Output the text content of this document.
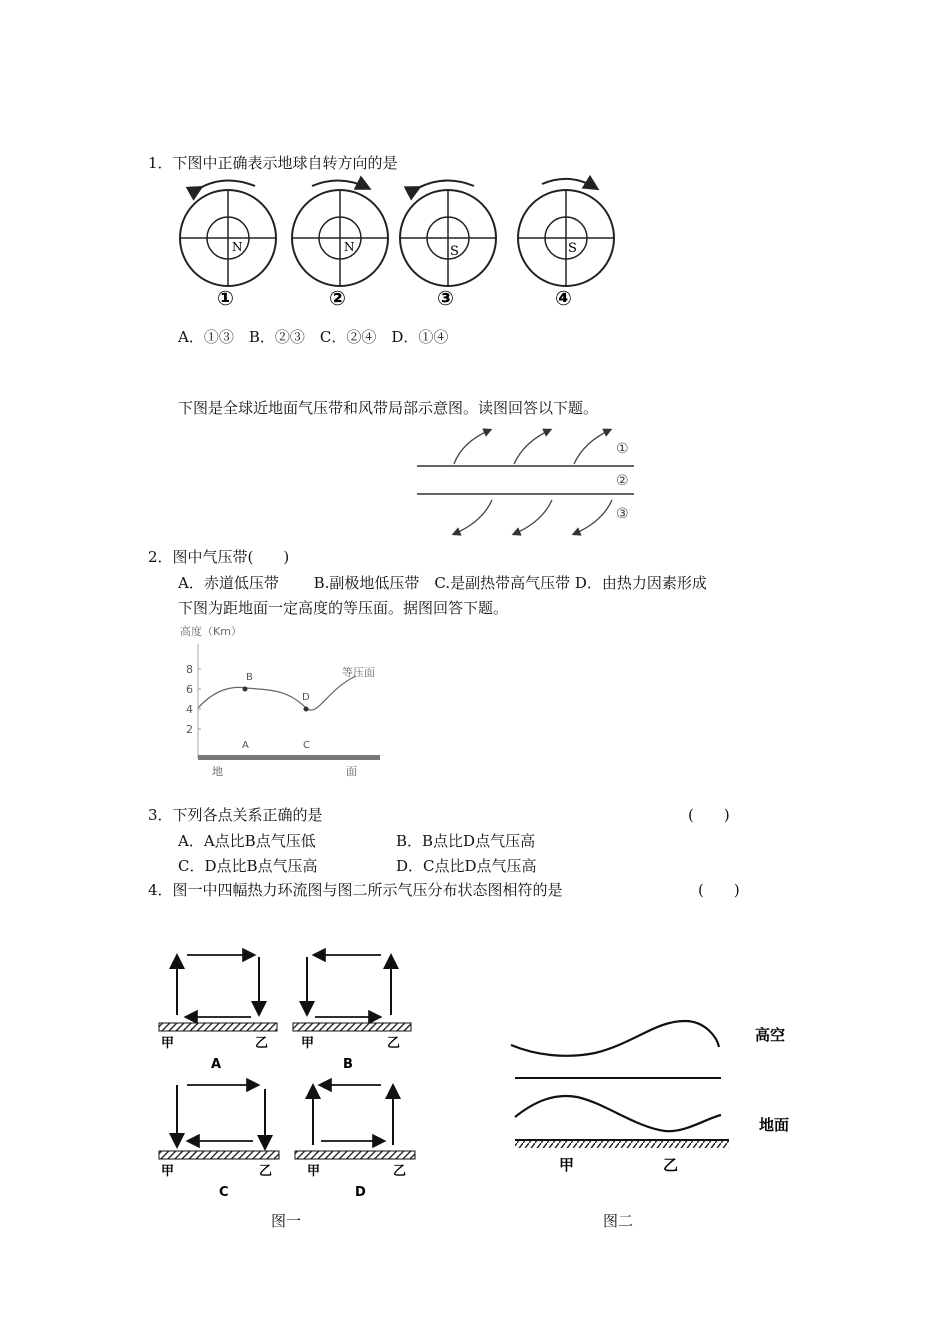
1．下图中正确表示地球自转方向的是
N
①
N
②
S
③
S
④
A．①③　B．②③　C．②④　D．①④
下图是全球近地面气压带和风带局部示意图。读图回答以下题。
①
②
③
2．图中气压带(　　)
A．赤道低压带　　 B.副极地低压带　C.是副热带高气压带 D．由热力因素形成
下图为距地面一定高度的等压面。据图回答下题。
高度（Km）
8
6
4
2
B
D
等压面
A	C
地	面
3．下列各点关系正确的是	(　　)
A．A点比B点气压低	B．B点比D点气压高
C．D点比B点气压高	D．C点比D点气压高
4．图一中四幅热力环流图与图二所示气压分布状态图相符的是	(　　)
甲	乙
A
甲	乙
B
甲	乙
C
甲	乙
D
图一
高空
地面
甲	乙
图二
